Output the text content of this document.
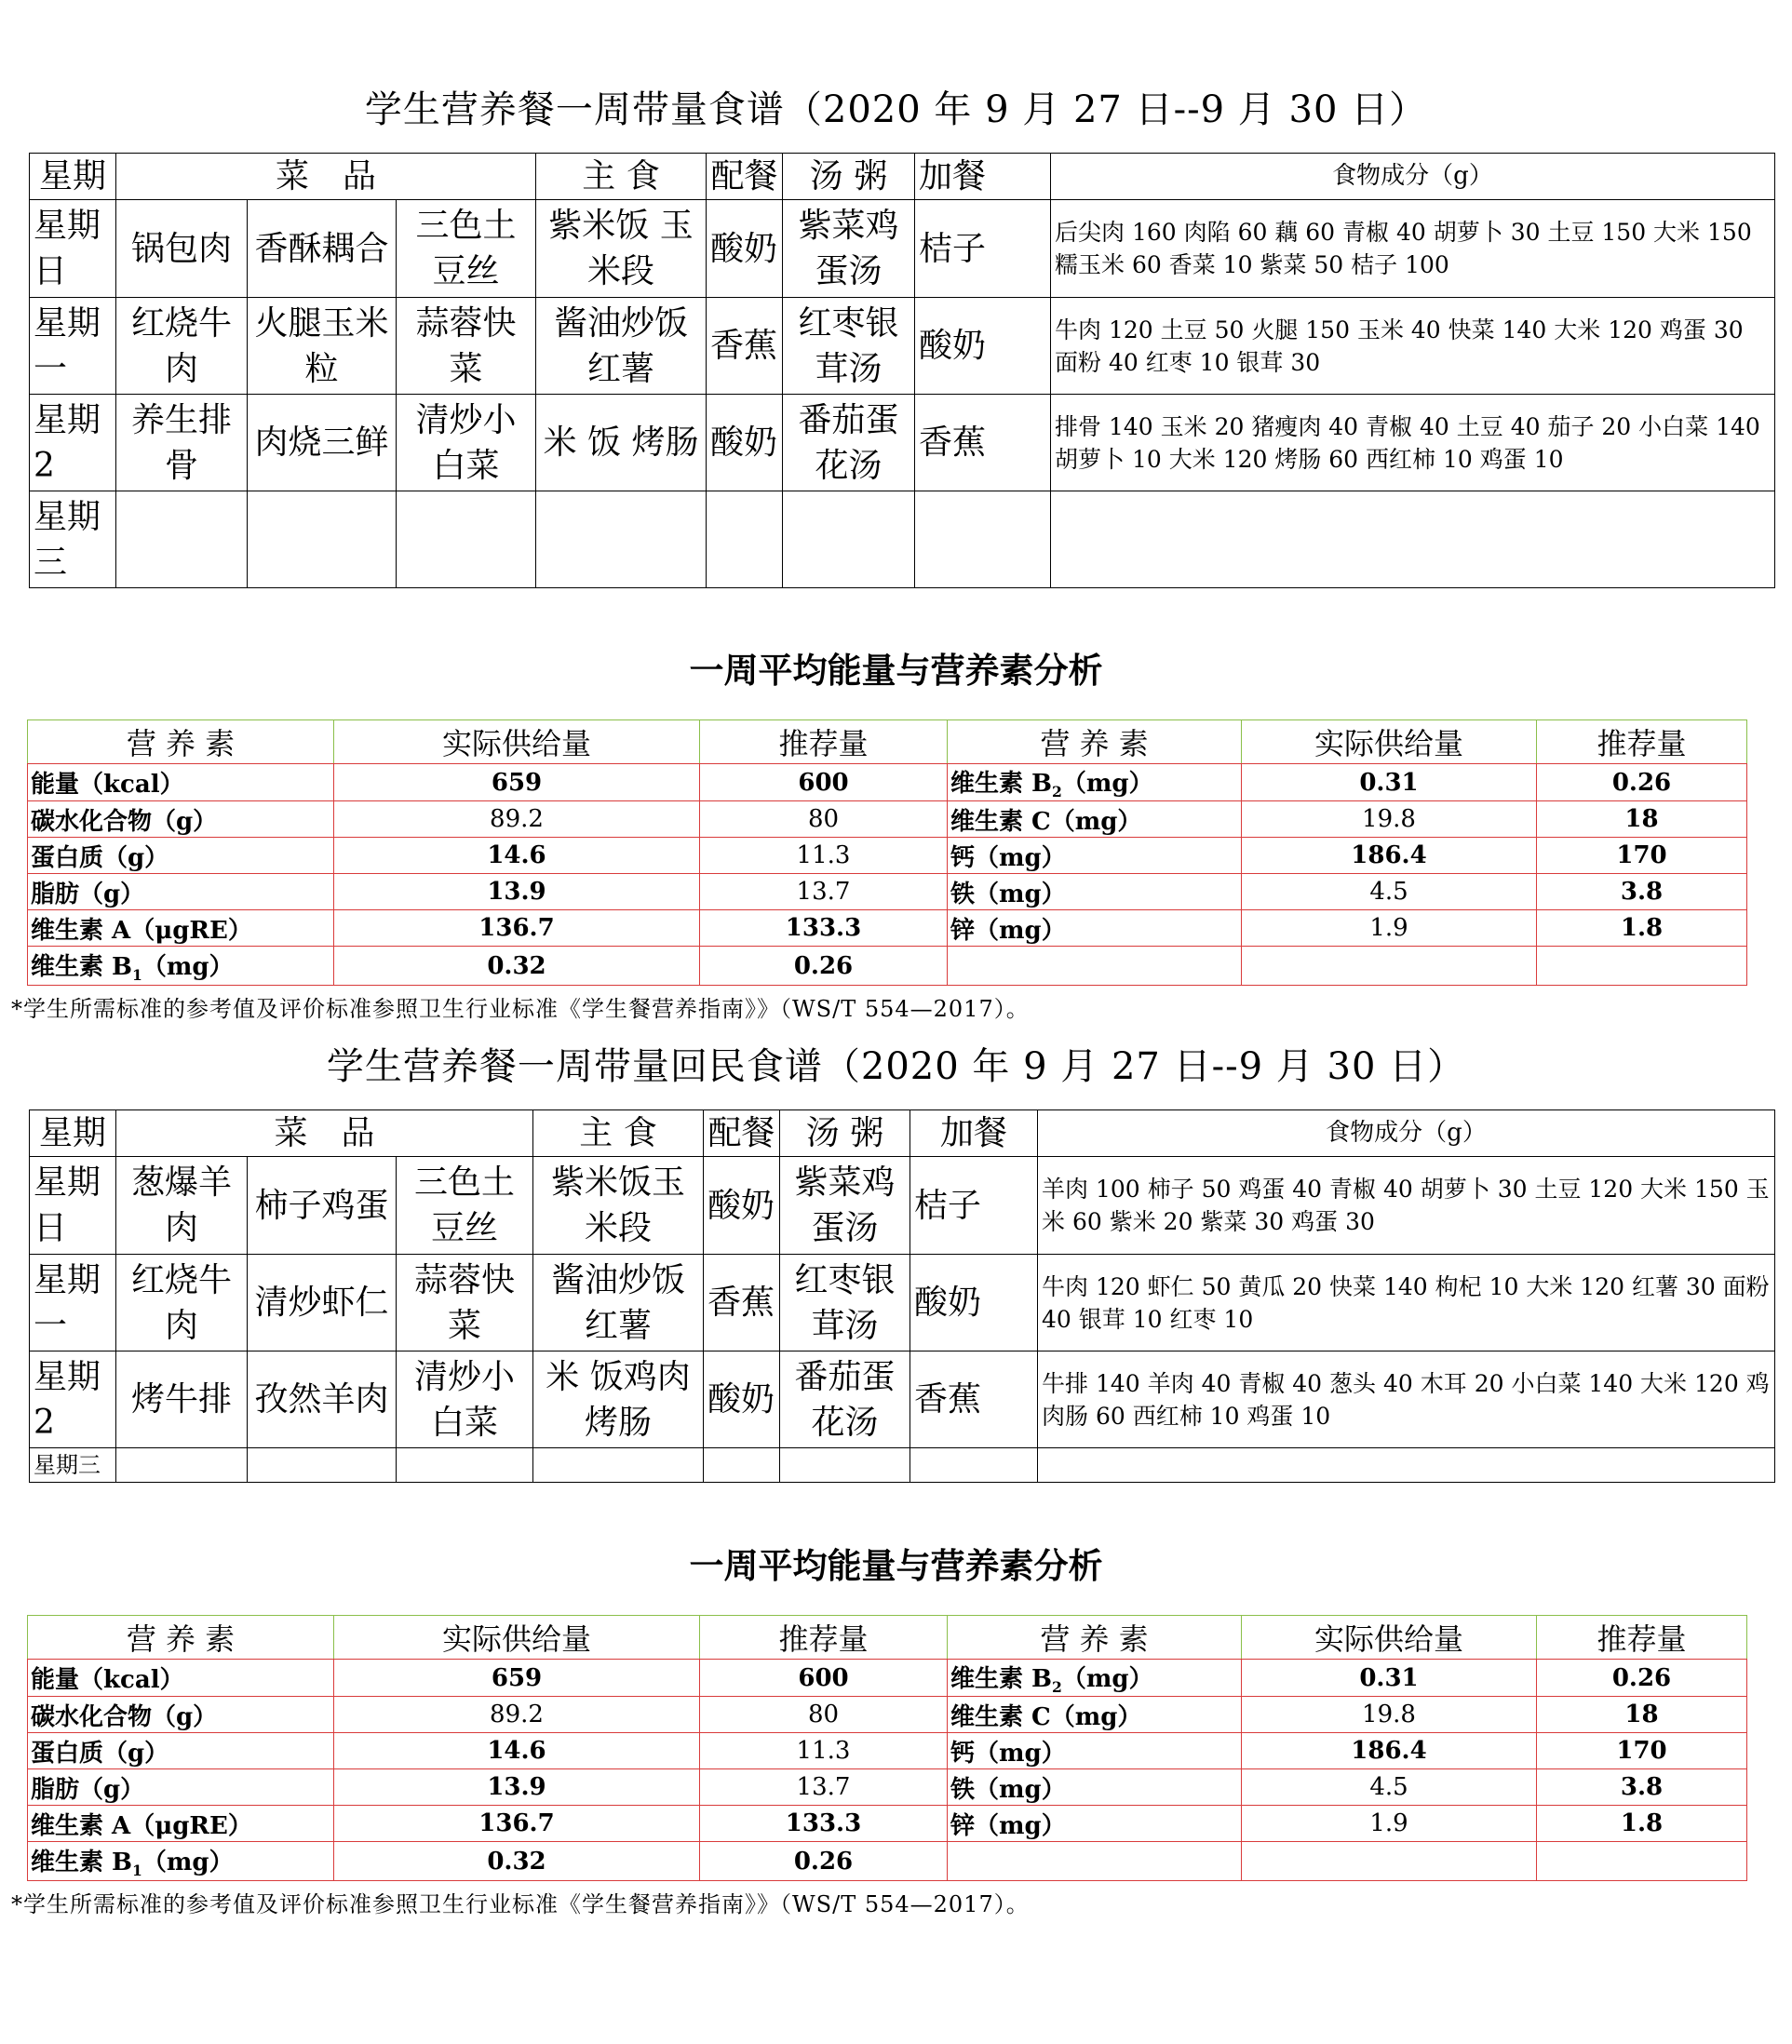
学生营养餐一周带量食谱（2020 年 9 月 27 日--9 月 30 日）
星期	菜　品			主 食	配餐	汤 粥	加餐	食物成分（g）
星期日	锅包肉	香酥耦合	三色土豆丝	紫米饭 玉米段	酸奶	紫菜鸡蛋汤	桔子	后尖肉 160 肉陷 60 藕 60 青椒 40 胡萝卜 30 土豆 150 大米 150 糯玉米 60 香菜 10 紫菜 50 桔子 100
星期一	红烧牛肉	火腿玉米粒	蒜蓉快菜	酱油炒饭 红薯	香蕉	红枣银茸汤	酸奶	牛肉 120 土豆 50 火腿 150 玉米 40 快菜 140 大米 120 鸡蛋 30 面粉 40 红枣 10 银茸 30
星期2	养生排骨	肉烧三鲜	清炒小白菜	米 饭 烤肠	酸奶	番茄蛋花汤	香蕉	排骨 140 玉米 20 猪瘦肉 40 青椒 40 土豆 40 茄子 20 小白菜 140 胡萝卜 10 大米 120 烤肠 60 西红柿 10 鸡蛋 10
星期三								
一周平均能量与营养素分析
营 养 素	实际供给量	推荐量	营 养 素	实际供给量	推荐量
能量（kcal）	659	600	维生素 $B_2(mg)$	0.31	0.26
碳水化合物（g）	89.2	80	维生素 C（mg）	19.8	18
蛋白质（g）	14.6	11.3	钙（mg）	186.4	170
脂肪（g）	13.9	13.7	铁（mg）	4.5	3.8
维生素 A（μgRE）	136.7	133.3	锌（mg）	1.9	1.8
维生素 $B_1(mg)$	0.32	0.26			
*学生所需标准的参考值及评价标准参照卫生行业标准《学生餐营养指南》》（WS/T 554—2017）。
学生营养餐一周带量回民食谱（2020 年 9 月 27 日--9 月 30 日）
星期	菜　品			主 食	配餐	汤 粥	加餐	食物成分（g）
星期日	葱爆羊肉	柿子鸡蛋	三色土豆丝	紫米饭玉米段	酸奶	紫菜鸡蛋汤	桔子	羊肉 100 柿子 50 鸡蛋 40 青椒 40 胡萝卜 30 土豆 120 大米 150 玉米 60 紫米 20 紫菜 30 鸡蛋 30
星期一	红烧牛肉	清炒虾仁	蒜蓉快菜	酱油炒饭红薯	香蕉	红枣银茸汤	酸奶	牛肉 120 虾仁 50 黄瓜 20 快菜 140 枸杞 10 大米 120 红薯 30 面粉 40 银茸 10 红枣 10
星期2	烤牛排	孜然羊肉	清炒小白菜	米 饭鸡肉 烤肠	酸奶	番茄蛋花汤	香蕉	牛排 140 羊肉 40 青椒 40 葱头 40 木耳 20 小白菜 140 大米 120 鸡肉肠 60 西红柿 10 鸡蛋 10
星期三								
一周平均能量与营养素分析
营 养 素	实际供给量	推荐量	营 养 素	实际供给量	推荐量
能量（kcal）	659	600	维生素 $B_2(mg)$	0.31	0.26
碳水化合物（g）	89.2	80	维生素 C（mg）	19.8	18
蛋白质（g）	14.6	11.3	钙（mg）	186.4	170
脂肪（g）	13.9	13.7	铁（mg）	4.5	3.8
维生素 A（μgRE）	136.7	133.3	锌（mg）	1.9	1.8
维生素 $B_1(mg)$	0.32	0.26			
*学生所需标准的参考值及评价标准参照卫生行业标准《学生餐营养指南》》（WS/T 554—2017）。
